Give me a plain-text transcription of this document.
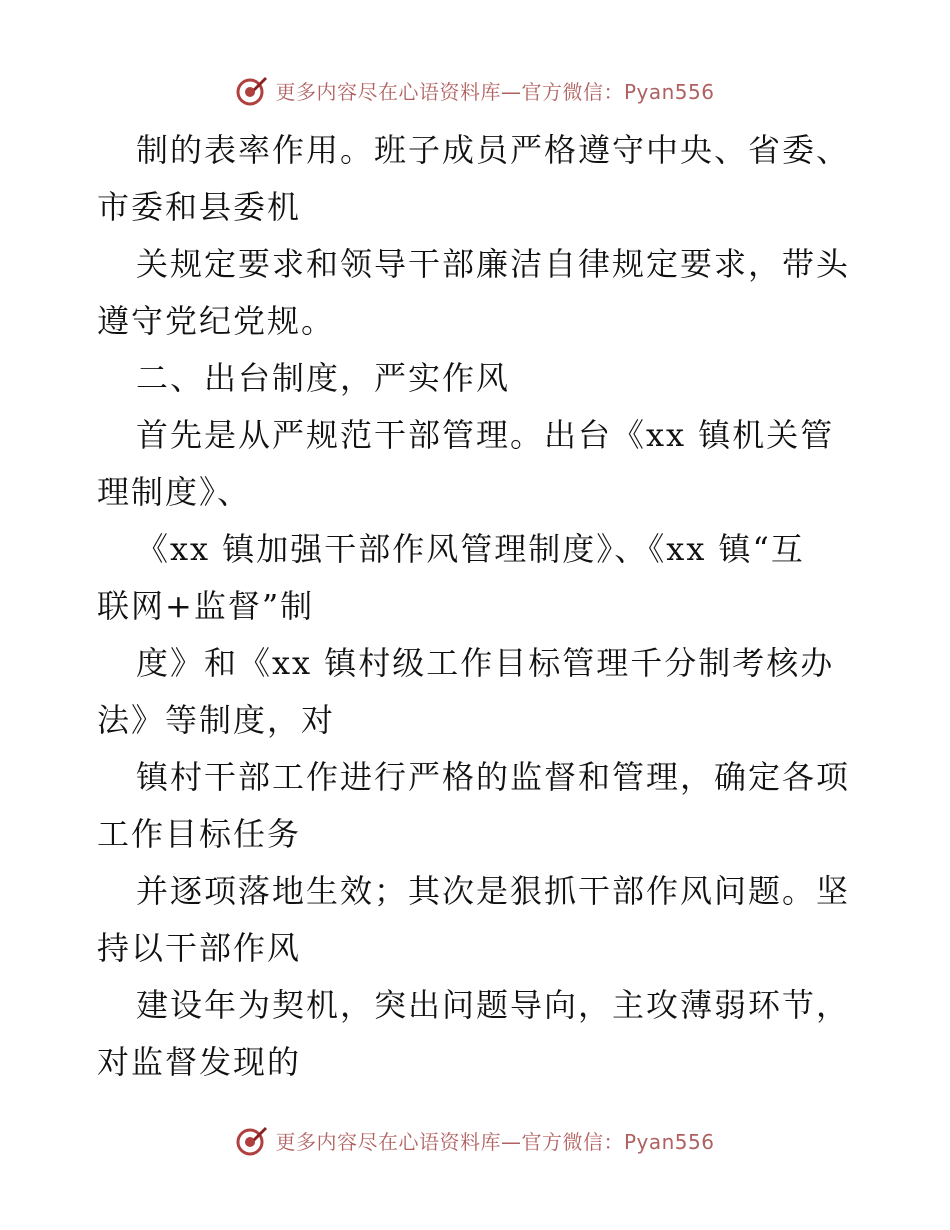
更多内容尽在心语资料库—官方微信：Pyan556

制的表率作用。班子成员严格遵守中央、省委、
市委和县委机

关规定要求和领导干部廉洁自律规定要求，带头
遵守党纪党规。

二、出台制度，严实作风

首先是从严规范干部管理。出台《xx 镇机关管
理制度》、

《xx 镇加强干部作风管理制度》、《xx 镇“互
联网+监督”制

度》和《xx 镇村级工作目标管理千分制考核办
法》等制度，对

镇村干部工作进行严格的监督和管理，确定各项
工作目标任务

并逐项落地生效；其次是狠抓干部作风问题。坚
持以干部作风

建设年为契机，突出问题导向，主攻薄弱环节，
对监督发现的

更多内容尽在心语资料库—官方微信：Pyan556
